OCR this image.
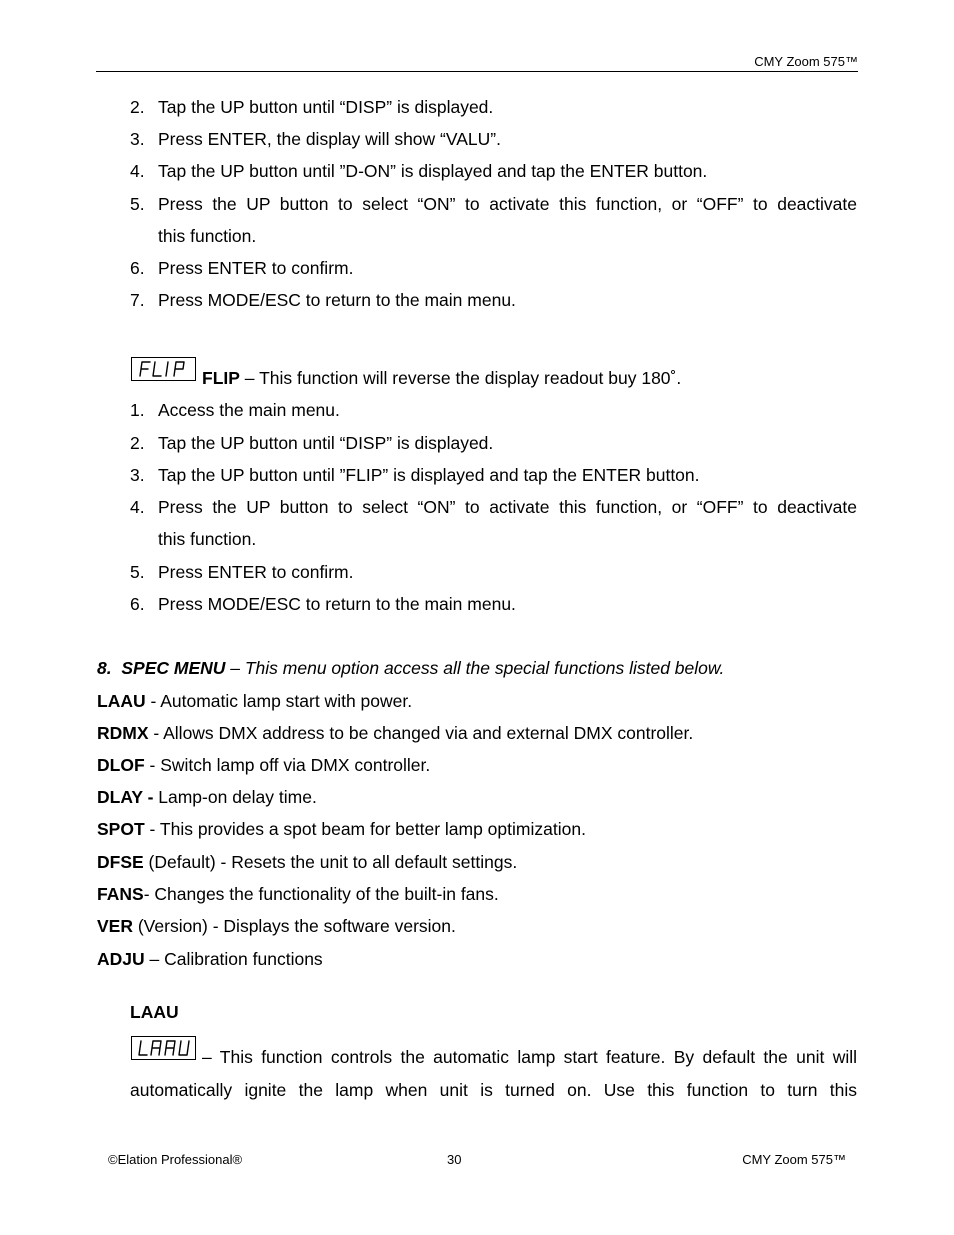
CMY Zoom 575™
2. Tap the UP button until “DISP” is displayed.
3. Press ENTER, the display will show “VALU”.
4. Tap the UP button until ”D-ON” is displayed and tap the ENTER button.
5. Press the UP button to select “ON” to activate this function, or “OFF” to deactivate
this function.
6. Press ENTER to confirm.
7. Press MODE/ESC to return to the main menu.
FLIP – This function will reverse the display readout buy 180˚.
1. Access the main menu.
2. Tap the UP button until “DISP” is displayed.
3. Tap the UP button until ”FLIP” is displayed and tap the ENTER button.
4. Press the UP button to select “ON” to activate this function, or “OFF” to deactivate
this function.
5. Press ENTER to confirm.
6. Press MODE/ESC to return to the main menu.
8. SPEC MENU – This menu option access all the special functions listed below.
LAAU - Automatic lamp start with power.
RDMX - Allows DMX address to be changed via and external DMX controller.
DLOF - Switch lamp off via DMX controller.
DLAY - Lamp-on delay time.
SPOT - This provides a spot beam for better lamp optimization.
DFSE (Default) - Resets the unit to all default settings.
FANS- Changes the functionality of the built-in fans.
VER (Version) - Displays the software version.
ADJU – Calibration functions
LAAU
– This function controls the automatic lamp start feature. By default the unit will
automatically ignite the lamp when unit is turned on. Use this function to turn this
©Elation Professional®	30	CMY Zoom 575™
